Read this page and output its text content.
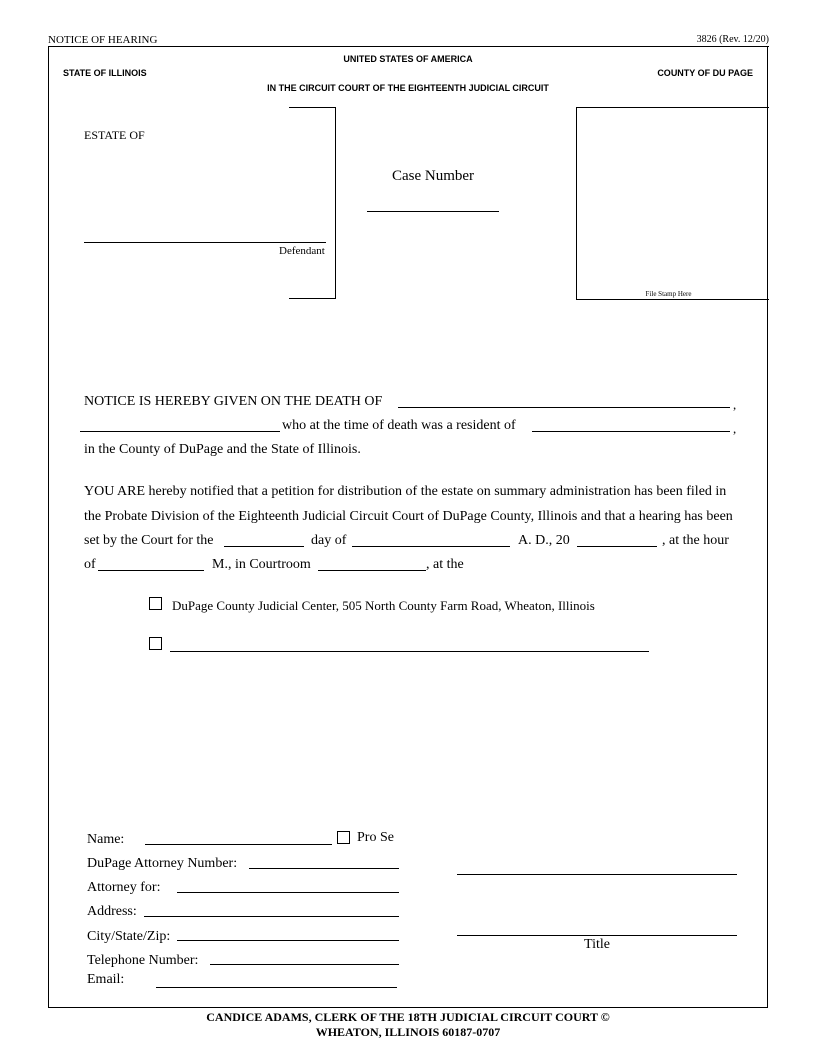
NOTICE OF HEARING	3826 (Rev. 12/20)
UNITED STATES OF AMERICA
STATE OF ILLINOIS	COUNTY OF DU PAGE
IN THE CIRCUIT COURT OF THE EIGHTEENTH JUDICIAL CIRCUIT
ESTATE OF
Defendant
Case Number
File Stamp Here
NOTICE IS HEREBY GIVEN ON THE DEATH OF	,
who at the time of death was a resident of	,
in the County of DuPage and the State of Illinois.
YOU ARE hereby notified that a petition for distribution of the estate on summary administration has been filed in
the Probate Division of the Eighteenth Judicial Circuit Court of DuPage County, Illinois and that a hearing has been
set by the Court for the	day of	A. D., 20	, at the hour
of	M., in Courtroom	, at the
DuPage County Judicial Center, 505 North County Farm Road, Wheaton, Illinois
Name:	Pro Se
DuPage Attorney Number:
Attorney for:
Address:
City/State/Zip:
Telephone Number:
Email:
Title
CANDICE ADAMS, CLERK OF THE 18TH JUDICIAL CIRCUIT COURT ©
WHEATON, ILLINOIS 60187-0707
